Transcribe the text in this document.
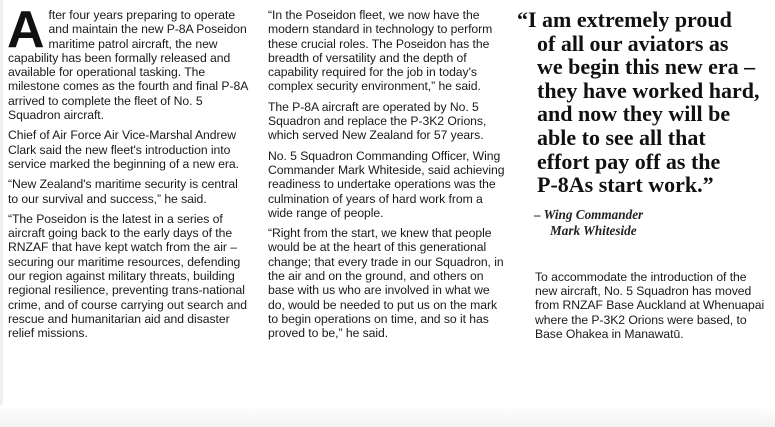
After four years preparing to operate and maintain the new P-8A Poseidon maritime patrol aircraft, the new capability has been formally released and available for operational tasking. The milestone comes as the fourth and final P-8A arrived to complete the fleet of No. 5 Squadron aircraft.

Chief of Air Force Air Vice-Marshal Andrew Clark said the new fleet's introduction into service marked the beginning of a new era.

“New Zealand's maritime security is central to our survival and success,” he said.

“The Poseidon is the latest in a series of aircraft going back to the early days of the RNZAF that have kept watch from the air – securing our maritime resources, defending our region against military threats, building regional resilience, preventing trans-national crime, and of course carrying out search and rescue and humanitarian aid and disaster relief missions.

“In the Poseidon fleet, we now have the modern standard in technology to perform these crucial roles. The Poseidon has the breadth of versatility and the depth of capability required for the job in today's complex security environment,” he said.

The P-8A aircraft are operated by No. 5 Squadron and replace the P-3K2 Orions, which served New Zealand for 57 years.

No. 5 Squadron Commanding Officer, Wing Commander Mark Whiteside, said achieving readiness to undertake operations was the culmination of years of hard work from a wide range of people.

“Right from the start, we knew that people would be at the heart of this generational change; that every trade in our Squadron, in the air and on the ground, and others on base with us who are involved in what we do, would be needed to put us on the mark to begin operations on time, and so it has proved to be,” he said.

“I am extremely proud
of all our aviators as
we begin this new era –
they have worked hard,
and now they will be
able to see all that
effort pay off as the
P-8As start work.”
– Wing Commander
Mark Whiteside

To accommodate the introduction of the new aircraft, No. 5 Squadron has moved from RNZAF Base Auckland at Whenuapai where the P-3K2 Orions were based, to Base Ohakea in Manawatū.
